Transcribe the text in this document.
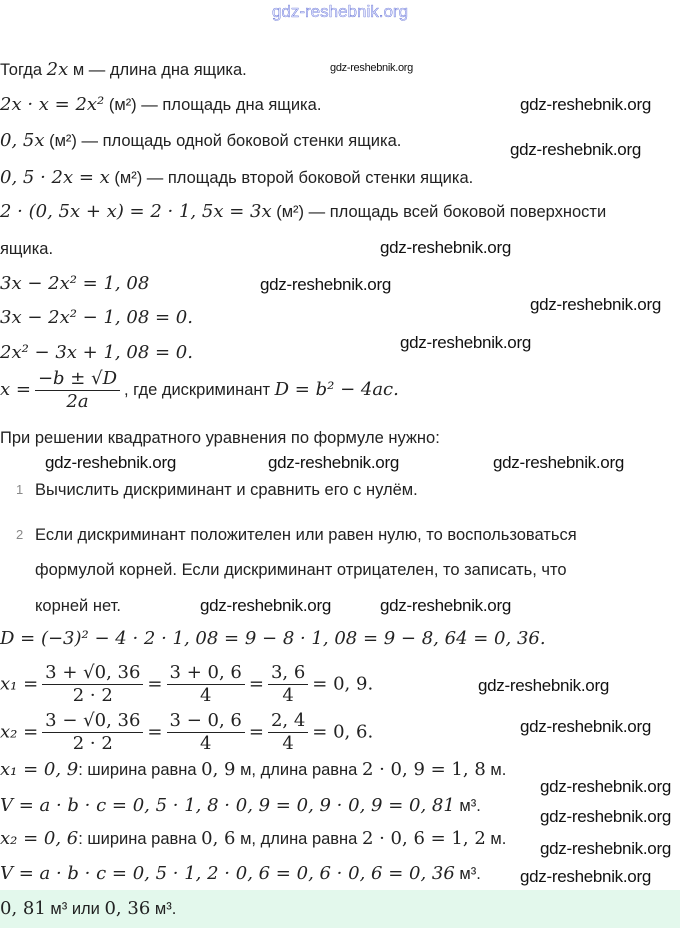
gdz-reshebnik.org
Тогда 2x м — длина дна ящика.
2x · x = 2x² (м²) — площадь дна ящика.
0, 5x (м²) — площадь одной боковой стенки ящика.
0, 5 · 2x = x (м²) — площадь второй боковой стенки ящика.
2 · (0, 5x + x) = 2 · 1, 5x = 3x (м²) — площадь всей боковой поверхности
ящика.
3x − 2x² = 1, 08
3x − 2x² − 1, 08 = 0.
2x² − 3x + 1, 08 = 0.
$x = \frac{-b \pm √D}{2a}$ , где дискриминант D = b² − 4ac.
При решении квадратного уравнения по формуле нужно:
1 Вычислить дискриминант и сравнить его с нулём.
2 Если дискриминант положителен или равен нулю, то воспользоваться
формулой корней. Если дискриминант отрицателен, то записать, что
корней нет.
D = (−3)² − 4 · 2 · 1, 08 = 9 − 8 · 1, 08 = 9 − 8, 64 = 0, 36.
$x_1 = \frac{3 + √0, 36}{2 \cdot 2} = \frac{3 + 0, 6}{4} = \frac{3, 6}{4} = 0$, 9.
$x_2 = \frac{3 - √0, 36}{2 \cdot 2} = \frac{3 - 0, 6}{4} = \frac{2, 4}{4} = 0$, 6.
x₁ = 0, 9: ширина равна 0, 9 м, длина равна 2 · 0, 9 = 1, 8 м.
V = a · b · c = 0, 5 · 1, 8 · 0, 9 = 0, 9 · 0, 9 = 0, 81 м³.
x₂ = 0, 6: ширина равна 0, 6 м, длина равна 2 · 0, 6 = 1, 2 м.
V = a · b · c = 0, 5 · 1, 2 · 0, 6 = 0, 6 · 0, 6 = 0, 36 м³.
0, 81 м³ или 0, 36 м³.
gdz-reshebnik.org
gdz-reshebnik.org
gdz-reshebnik.org
gdz-reshebnik.org
gdz-reshebnik.org
gdz-reshebnik.org
gdz-reshebnik.org
gdz-reshebnik.org
gdz-reshebnik.org	gdz-reshebnik.org
gdz-reshebnik.org	gdz-reshebnik.org
gdz-reshebnik.org
gdz-reshebnik.org
gdz-reshebnik.org
gdz-reshebnik.org
gdz-reshebnik.org
gdz-reshebnik.org
